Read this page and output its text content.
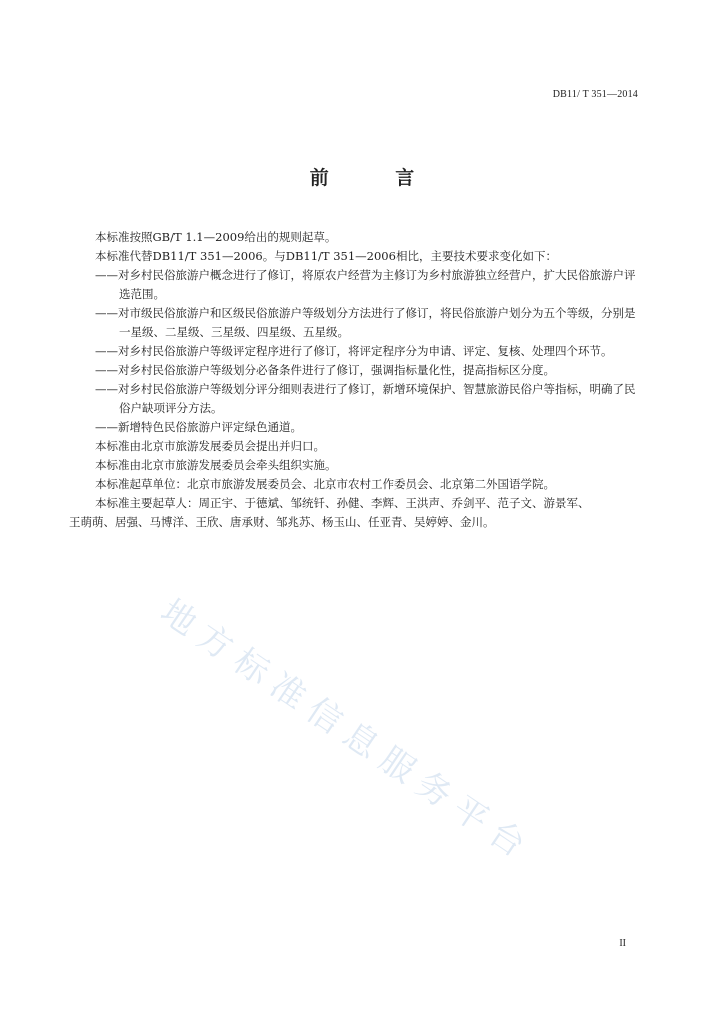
DB11/ T 351—2014
前 言

本标准按照GB/T 1.1—2009给出的规则起草。

本标准代替DB11/T 351—2006。与DB11/T 351—2006相比，主要技术要求变化如下：

——对乡村民俗旅游户概念进行了修订，将原农户经营为主修订为乡村旅游独立经营户，扩大民俗旅游户评选范围。

——对市级民俗旅游户和区级民俗旅游户等级划分方法进行了修订，将民俗旅游户划分为五个等级，分别是一星级、二星级、三星级、四星级、五星级。

——对乡村民俗旅游户等级评定程序进行了修订，将评定程序分为申请、评定、复核、处理四个环节。

——对乡村民俗旅游户等级划分必备条件进行了修订，强调指标量化性，提高指标区分度。

——对乡村民俗旅游户等级划分评分细则表进行了修订，新增环境保护、智慧旅游民俗户等指标，明确了民俗户缺项评分方法。

——新增特色民俗旅游户评定绿色通道。

本标准由北京市旅游发展委员会提出并归口。

本标准由北京市旅游发展委员会牵头组织实施。

本标准起草单位：北京市旅游发展委员会、北京市农村工作委员会、北京第二外国语学院。

本标准主要起草人：周正宇、于德斌、邹统钎、孙健、李辉、王洪声、乔剑平、范子文、游景军、
王萌萌、居强、马博洋、王欣、唐承财、邹兆苏、杨玉山、任亚青、吴婷婷、金川。

地方标准信息服务平台
II
